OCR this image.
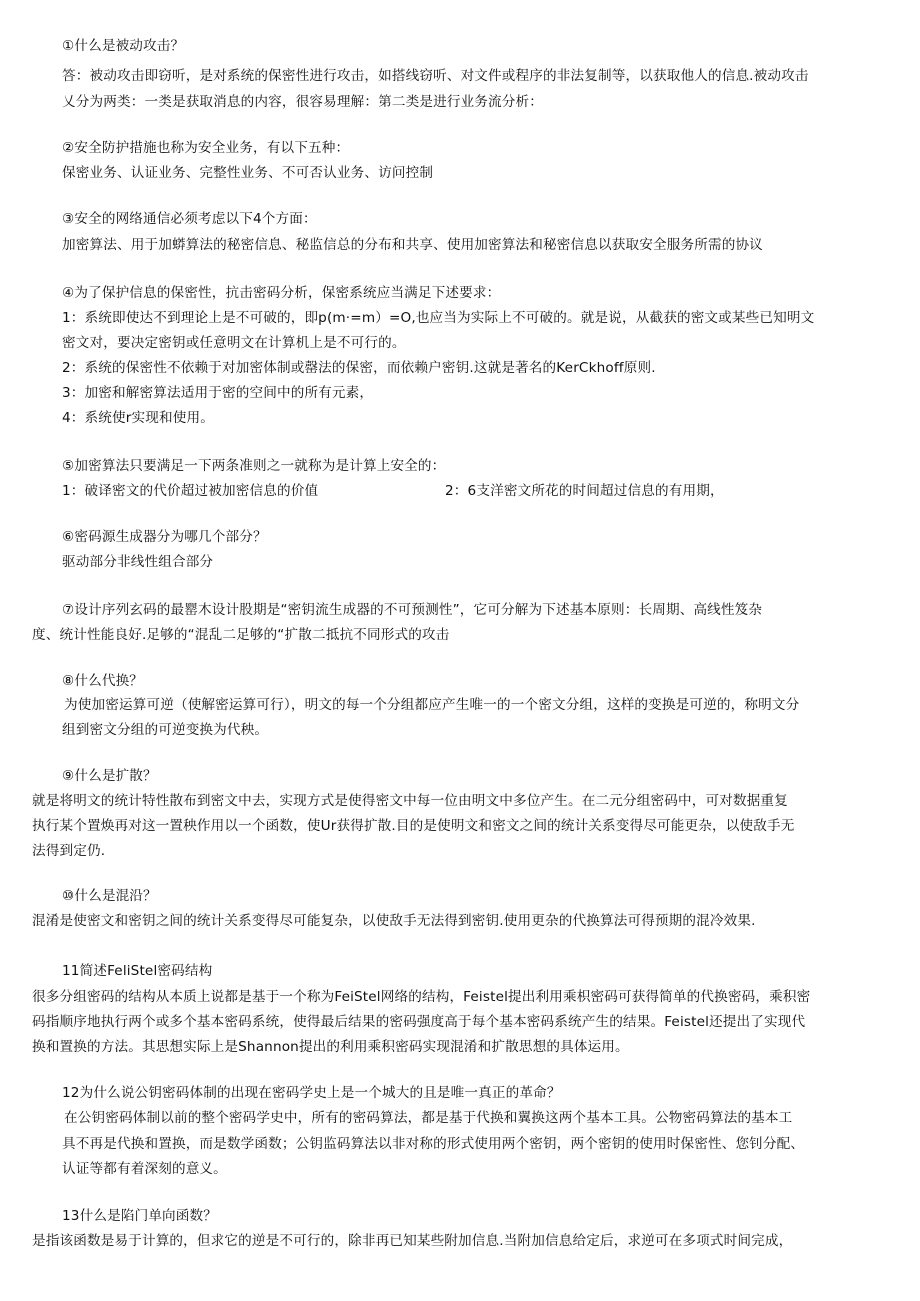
①什么是被动攻击？
答：被动攻击即窃听，是对系统的保密性进行攻击，如搭线窃听、对文件或程序的非法复制等，以获取他人的信息.被动攻击
乂分为两类：一类是获取消息的内容，很容易理解：第二类是进行业务流分析：
②安全防护措施也称为安全业务，有以下五种：
保密业务、认证业务、完整性业务、不可否认业务、访问控制
③安全的网络通信必须考虑以下4个方面：
加密算法、用于加蟒算法的秘密信息、秘监信总的分布和共享、使用加密算法和秘密信息以获取安全服务所需的协议
④为了保护信息的保密性，抗击密码分析，保密系统应当满足下述要求：
1：系统即使达不到理论上是不可破的，即p(m·=m）=O,也应当为实际上不可破的。就是说，从截获的密文或某些已知明文
密文对，要决定密钥或任意明文在计算机上是不可行的。
2：系统的保密性不依赖于对加密体制或罄法的保密，而依赖户密钥.这就是著名的KerCkhoff原则.
3：加密和解密算法适用于密的空间中的所有元素，
4：系统使r实现和使用。
⑤加密算法只要满足一下两条准则之一就称为是计算上安全的：
1：破译密文的代价超过被加密信息的价值	2：6支洋密文所花的时间超过信息的有用期，
⑥密码源生成器分为哪几个部分？
驱动部分非线性组合部分
⑦设计序列玄码的最罂木设计股期是“密钥流生成器的不可预测性”，它可分解为下述基本原则：长周期、高线性笈杂
度、统计性能良好.足够的“混乱二足够的“扩散二抵抗不同形式的攻击
⑧什么代换？
为使加密运算可逆（使解密运算可行），明文的每一个分组都应产生唯一的一个密文分组，这样的变换是可逆的，称明文分
组到密文分组的可逆变换为代秧。
⑨什么是扩散？
就是将明文的统计特性散布到密文中去，实现方式是使得密文中每一位由明文中多位产生。在二元分组密码中，可对数据重复
执行某个置焕再对这一置秧作用以一个函数，使Ur获得扩散.目的是使明文和密文之间的统计关系变得尽可能更杂，以使敌手无
法得到定仍.
⑩什么是混沿？
混淆是使密文和密钥之间的统计关系变得尽可能复杂，以使敌手无法得到密钥.使用更杂的代换算法可得预期的混冷效果.
11简述FeliStel密码结构
很多分组密码的结构从本质上说都是基于一个称为FeiStel网络的结构，Feistel提出利用乘枳密码可获得简单的代换密码，乘积密
码指顺序地执行两个或多个基本密码系统，使得最后结果的密码强度高于每个基本密码系统产生的结果。Feistel还提出了实现代
换和置换的方法。其思想实际上是Shannon提出的利用乘积密码实现混淆和扩散思想的具体运用。
12为什么说公钥密码体制的出现在密码学史上是一个城大的且是唯一真正的革命？
在公钥密码体制以前的整个密码学史中，所有的密码算法，都是基于代换和翼换这两个基本工具。公物密码算法的基本工
具不再是代换和置换，而是数学函数；公钥监码算法以非对称的形式使用两个密钥，两个密钥的使用时保密性、您钊分配、
认证等都有着深刻的意义。
13什么是陷门单向函数？
是指该函数是易于计算的，但求它的逆是不可行的，除非再已知某些附加信息.当附加信息给定后，求逆可在多项式时间完成，
